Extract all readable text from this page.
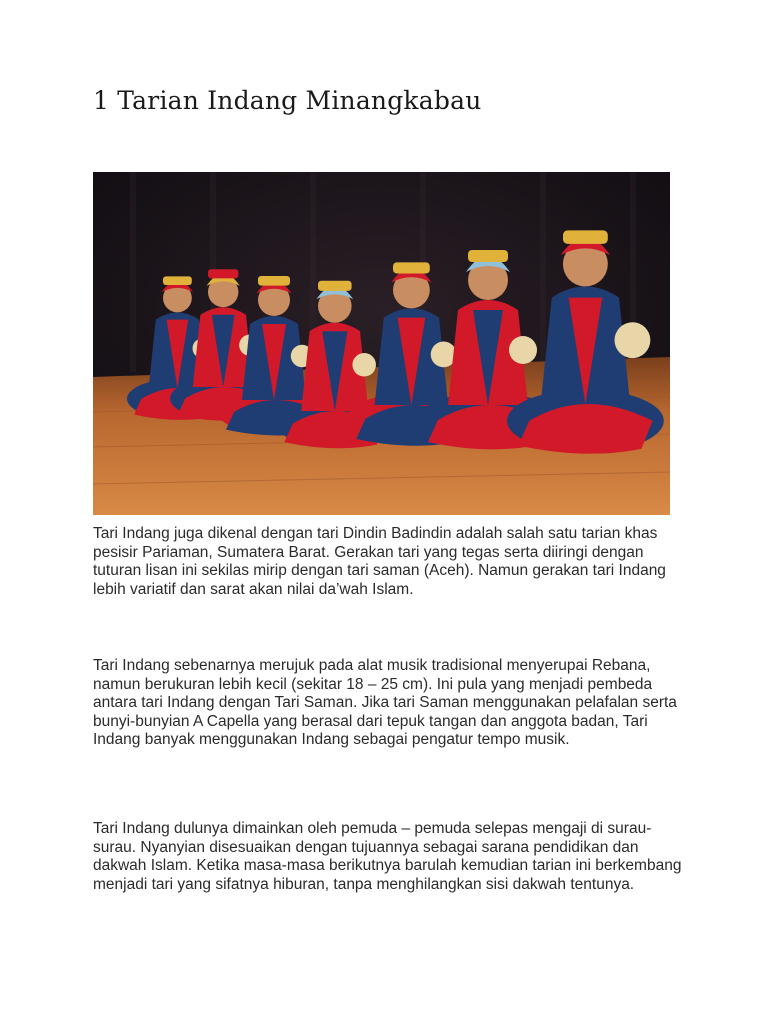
1 Tarian Indang Minangkabau

Tari Indang juga dikenal dengan tari Dindin Badindin adalah salah satu tarian khas pesisir Pariaman, Sumatera Barat. Gerakan tari yang tegas serta diiringi dengan tuturan lisan ini sekilas mirip dengan tari saman (Aceh). Namun gerakan tari Indang lebih variatif dan sarat akan nilai da’wah Islam.

Tari Indang sebenarnya merujuk pada alat musik tradisional menyerupai Rebana, namun berukuran lebih kecil (sekitar 18 – 25 cm). Ini pula yang menjadi pembeda antara tari Indang dengan Tari Saman. Jika tari Saman menggunakan pelafalan serta bunyi-bunyian A Capella yang berasal dari tepuk tangan dan anggota badan, Tari Indang banyak menggunakan Indang sebagai pengatur tempo musik.

Tari Indang dulunya dimainkan oleh pemuda – pemuda selepas mengaji di surau-surau. Nyanyian disesuaikan dengan tujuannya sebagai sarana pendidikan dan dakwah Islam. Ketika masa-masa berikutnya barulah kemudian tarian ini berkembang menjadi tari yang sifatnya hiburan, tanpa menghilangkan sisi dakwah tentunya.
